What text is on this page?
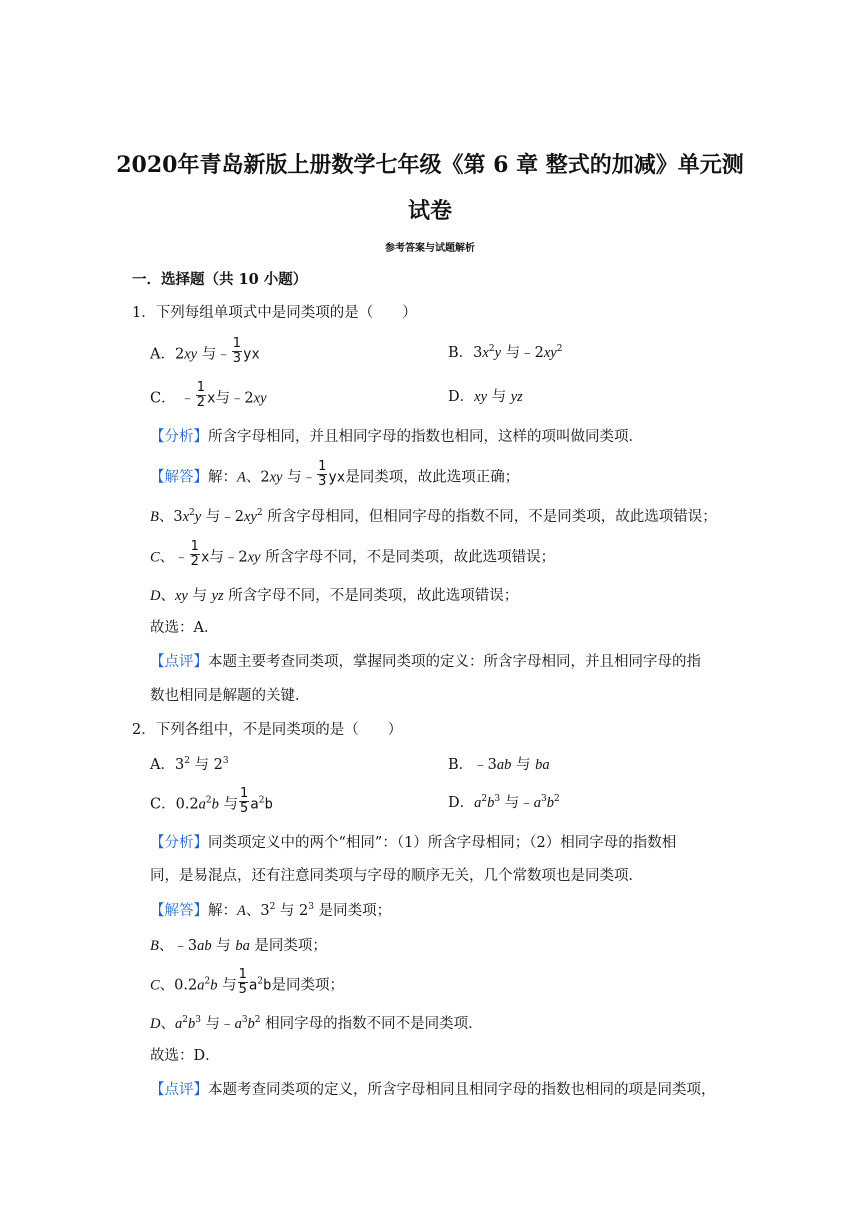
2020年青岛新版上册数学七年级《第 6 章 整式的加减》单元测
试卷
参考答案与试题解析
一．选择题（共 10 小题）
1．下列每组单项式中是同类项的是（　　）
A．2xy 与﹣ $\frac{1}{3}$ yx	B．$3x^2y$ 与$﹣2xy^2$
C． ﹣ $\frac{1}{2}$ x与﹣2xy	D．xy 与 yz
【分析】所含字母相同，并且相同字母的指数也相同，这样的项叫做同类项．
【解答】解：A、2xy 与﹣ $\frac{1}{3}$ yx是同类项，故此选项正确；
B、$3x^2y$ 与$﹣2xy^2$ 所含字母相同，但相同字母的指数不同，不是同类项，故此选项错误；
C、﹣ $\frac{1}{2}$ x与﹣2xy 所含字母不同，不是同类项，故此选项错误；
D、xy 与 yz 所含字母不同，不是同类项，故此选项错误；
故选：A．
【点评】本题主要考查同类项，掌握同类项的定义：所含字母相同，并且相同字母的指
数也相同是解题的关键．
2．下列各组中，不是同类项的是（　　）
A．$3^2$ 与 $2^3$	B．﹣3ab 与 ba
C．$0.2a^2b$ 与 $\frac{1}{5} a^2b$	D．$a^2b^3$ 与$﹣a^3b^2$
【分析】同类项定义中的两个“相同”：（1）所含字母相同；（2）相同字母的指数相
同，是易混点，还有注意同类项与字母的顺序无关，几个常数项也是同类项．
【解答】解：A、$3^2$ 与 $2^3$ 是同类项；
B、﹣3ab 与 ba 是同类项；
C、$0.2a^2b$ 与 $\frac{1}{5} a^2b$是同类项；
D、$a^2b^3$ 与$﹣a^3b^2$ 相同字母的指数不同不是同类项．
故选：D．
【点评】本题考查同类项的定义，所含字母相同且相同字母的指数也相同的项是同类项，
